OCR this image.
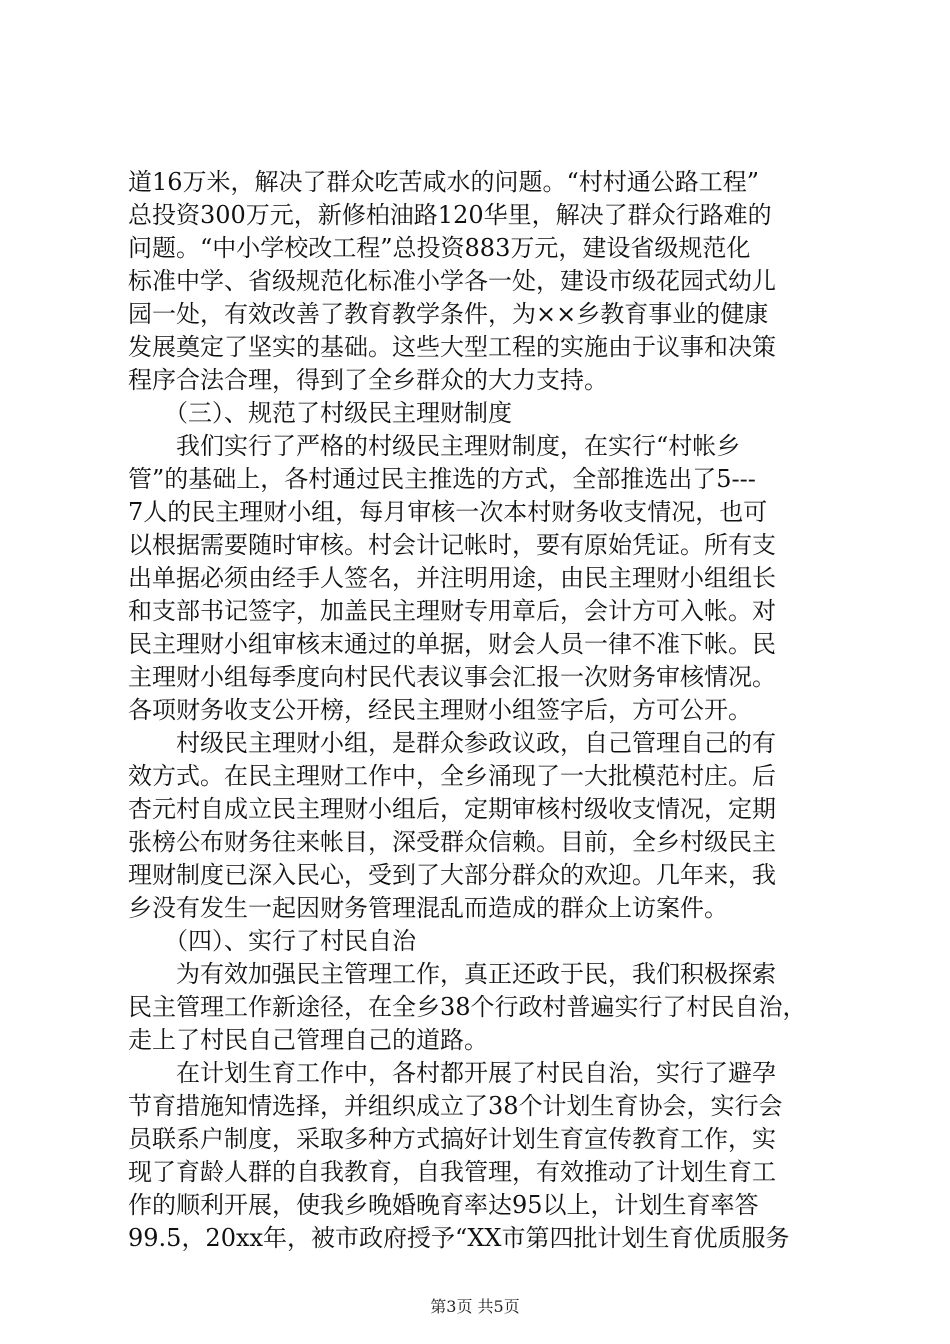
道16万米，解决了群众吃苦咸水的问题。“村村通公路工程”
总投资300万元，新修柏油路120华里，解决了群众行路难的
问题。“中小学校改工程”总投资883万元，建设省级规范化
标准中学、省级规范化标准小学各一处，建设市级花园式幼儿
园一处，有效改善了教育教学条件，为××乡教育事业的健康
发展奠定了坚实的基础。这些大型工程的实施由于议事和决策
程序合法合理，得到了全乡群众的大力支持。
　　（三）、规范了村级民主理财制度
　　我们实行了严格的村级民主理财制度，在实行“村帐乡
管”的基础上，各村通过民主推选的方式，全部推选出了5---
7人的民主理财小组，每月审核一次本村财务收支情况，也可
以根据需要随时审核。村会计记帐时，要有原始凭证。所有支
出单据必须由经手人签名，并注明用途，由民主理财小组组长
和支部书记签字，加盖民主理财专用章后，会计方可入帐。对
民主理财小组审核末通过的单据，财会人员一律不准下帐。民
主理财小组每季度向村民代表议事会汇报一次财务审核情况。
各项财务收支公开榜，经民主理财小组签字后，方可公开。
　　村级民主理财小组，是群众参政议政，自己管理自己的有
效方式。在民主理财工作中，全乡涌现了一大批模范村庄。后
杏元村自成立民主理财小组后，定期审核村级收支情况，定期
张榜公布财务往来帐目，深受群众信赖。目前，全乡村级民主
理财制度已深入民心，受到了大部分群众的欢迎。几年来，我
乡没有发生一起因财务管理混乱而造成的群众上访案件。
　　（四）、实行了村民自治
　　为有效加强民主管理工作，真正还政于民，我们积极探索
民主管理工作新途径，在全乡38个行政村普遍实行了村民自治，
走上了村民自己管理自己的道路。
　　在计划生育工作中，各村都开展了村民自治，实行了避孕
节育措施知情选择，并组织成立了38个计划生育协会，实行会
员联系户制度，采取多种方式搞好计划生育宣传教育工作，实
现了育龄人群的自我教育，自我管理，有效推动了计划生育工
作的顺利开展，使我乡晚婚晚育率达95以上，计划生育率答
99.5，20xx年，被市政府授予“XX市第四批计划生育优质服务
第3页 共5页
